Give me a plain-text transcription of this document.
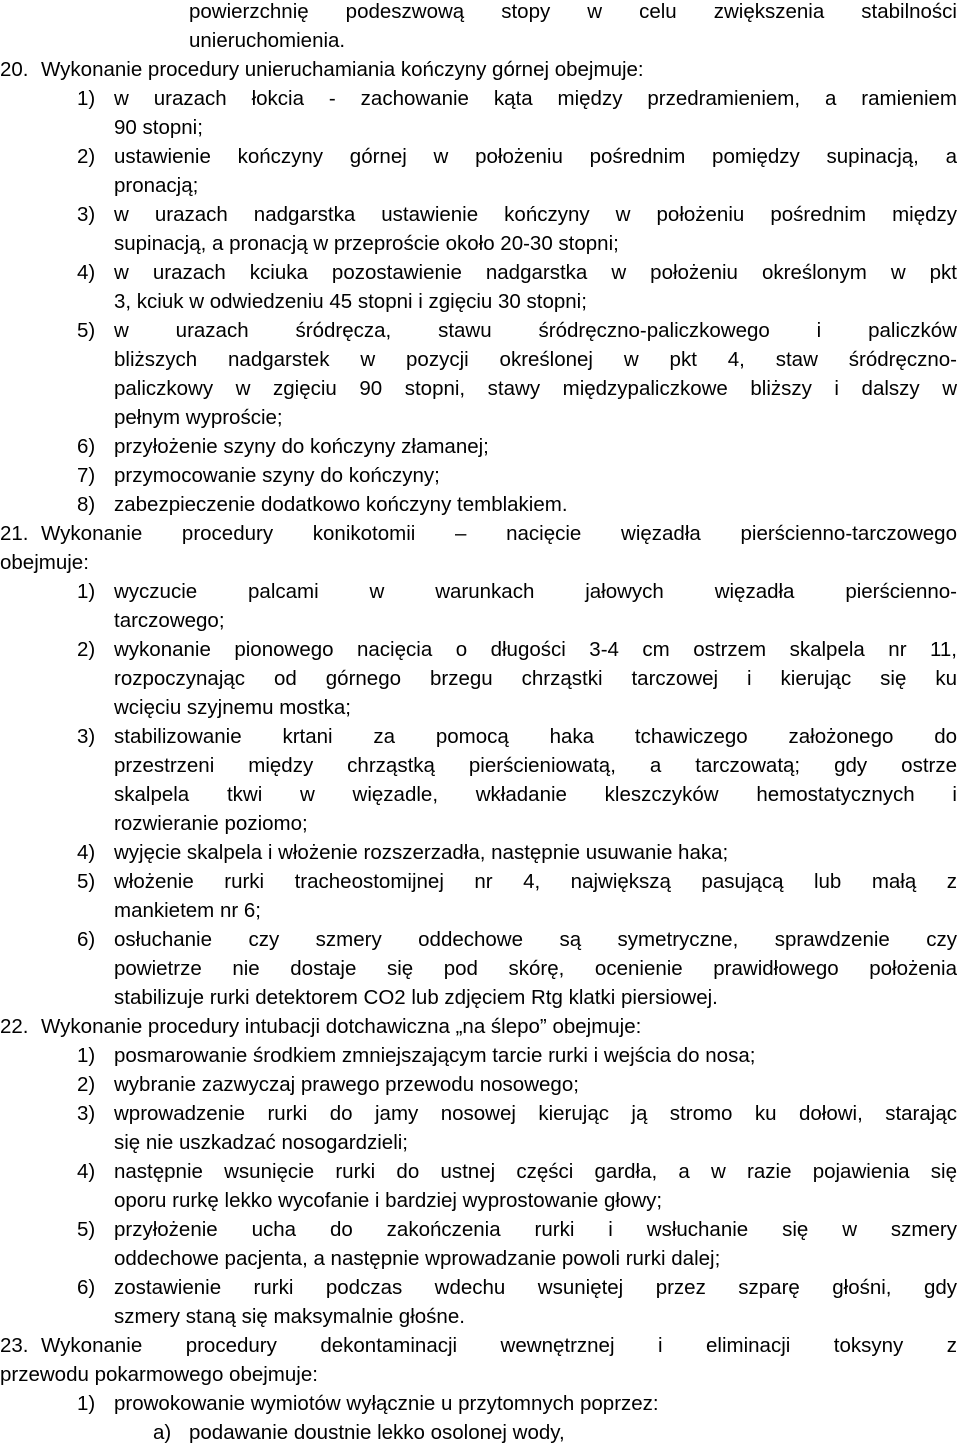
powierzchnię podeszwową stopy w celu zwiększenia stabilności
unieruchomienia.
20. Wykonanie procedury unieruchamiania kończyny górnej obejmuje:
1) w urazach łokcia - zachowanie kąta między przedramieniem, a ramieniem
90 stopni;
2) ustawienie kończyny górnej w położeniu pośrednim pomiędzy supinacją, a
pronacją;
3) w urazach nadgarstka ustawienie kończyny w położeniu pośrednim między
supinacją, a pronacją w przeproście około 20-30 stopni;
4) w urazach kciuka pozostawienie nadgarstka w położeniu określonym w pkt
3, kciuk w odwiedzeniu 45 stopni i zgięciu 30 stopni;
5) w urazach śródręcza, stawu śródręczno-paliczkowego i paliczków
bliższych nadgarstek w pozycji określonej w pkt 4, staw śródręczno-
paliczkowy w zgięciu 90 stopni, stawy międzypaliczkowe bliższy i dalszy w
pełnym wyproście;
6) przyłożenie szyny do kończyny złamanej;
7) przymocowanie szyny do kończyny;
8) zabezpieczenie dodatkowo kończyny temblakiem.
21. Wykonanie procedury konikotomii – nacięcie więzadła pierścienno-tarczowego
obejmuje:
1) wyczucie palcami w warunkach jałowych więzadła pierścienno-
tarczowego;
2) wykonanie pionowego nacięcia o długości 3-4 cm ostrzem skalpela nr 11,
rozpoczynając od górnego brzegu chrząstki tarczowej i kierując się ku
wcięciu szyjnemu mostka;
3) stabilizowanie krtani za pomocą haka tchawiczego założonego do
przestrzeni między chrząstką pierścieniowatą, a tarczowatą; gdy ostrze
skalpela tkwi w więzadle, wkładanie kleszczyków hemostatycznych i
rozwieranie poziomo;
4) wyjęcie skalpela i włożenie rozszerzadła, następnie usuwanie haka;
5) włożenie rurki tracheostomijnej nr 4, największą pasującą lub małą z
mankietem nr 6;
6) osłuchanie czy szmery oddechowe są symetryczne, sprawdzenie czy
powietrze nie dostaje się pod skórę, ocenienie prawidłowego położenia
stabilizuje rurki detektorem CO2 lub zdjęciem Rtg klatki piersiowej.
22. Wykonanie procedury intubacji dotchawiczna „na ślepo” obejmuje:
1) posmarowanie środkiem zmniejszającym tarcie rurki i wejścia do nosa;
2) wybranie zazwyczaj prawego przewodu nosowego;
3) wprowadzenie rurki do jamy nosowej kierując ją stromo ku dołowi, starając
się nie uszkadzać nosogardzieli;
4) następnie wsunięcie rurki do ustnej części gardła, a w razie pojawienia się
oporu rurkę lekko wycofanie i bardziej wyprostowanie głowy;
5) przyłożenie ucha do zakończenia rurki i wsłuchanie się w szmery
oddechowe pacjenta, a następnie wprowadzanie powoli rurki dalej;
6) zostawienie rurki podczas wdechu wsuniętej przez szparę głośni, gdy
szmery staną się maksymalnie głośne.
23. Wykonanie procedury dekontaminacji wewnętrznej i eliminacji toksyny z
przewodu pokarmowego obejmuje:
1) prowokowanie wymiotów wyłącznie u przytomnych poprzez:
a) podawanie doustnie lekko osolonej wody,
